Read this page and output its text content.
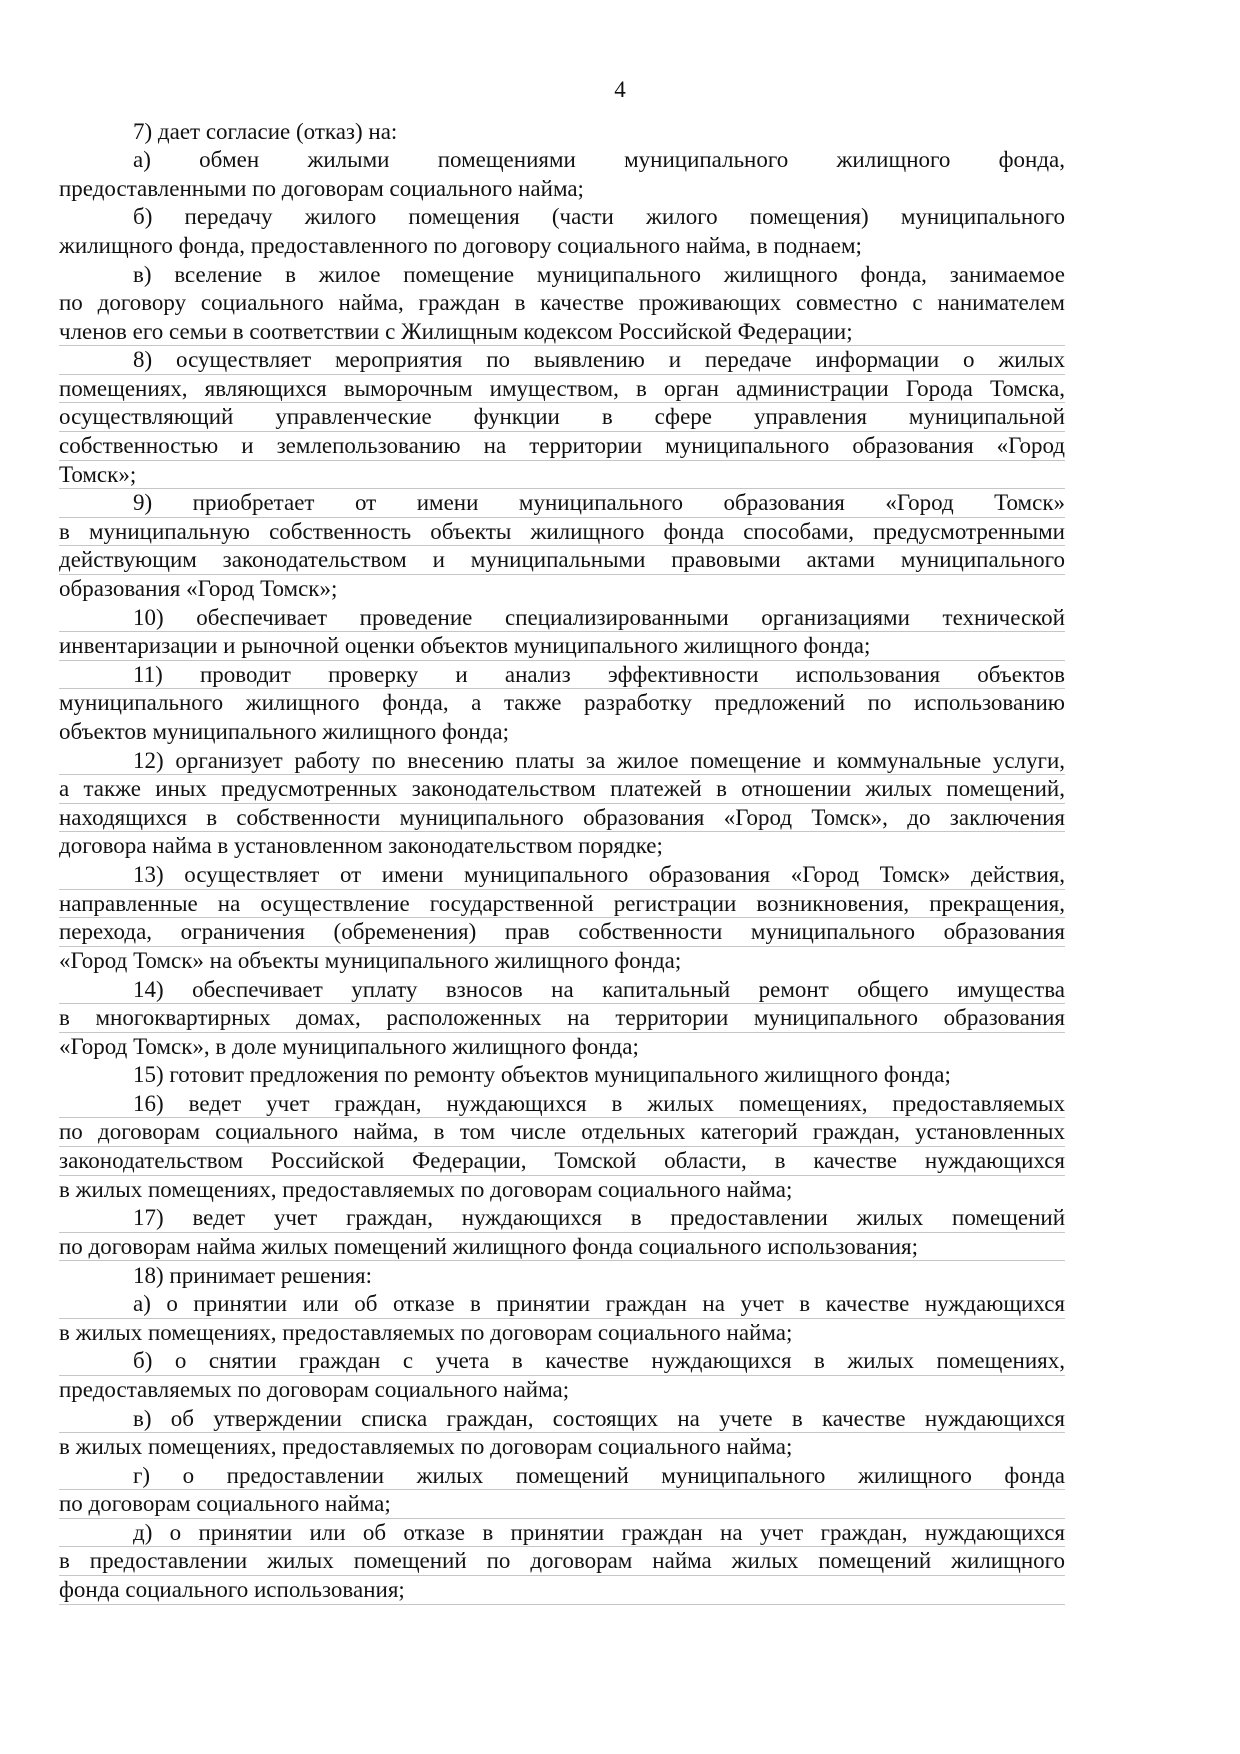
4
7) дает согласие (отказ) на:
а) обмен жилыми помещениями муниципального жилищного фонда,
предоставленными по договорам социального найма;
б) передачу жилого помещения (части жилого помещения) муниципального
жилищного фонда, предоставленного по договору социального найма, в поднаем;
в) вселение в жилое помещение муниципального жилищного фонда, занимаемое
по договору социального найма, граждан в качестве проживающих совместно с нанимателем
членов его семьи в соответствии с Жилищным кодексом Российской Федерации;
8) осуществляет мероприятия по выявлению и передаче информации о жилых
помещениях, являющихся выморочным имуществом, в орган администрации Города Томска,
осуществляющий управленческие функции в сфере управления муниципальной
собственностью и землепользованию на территории муниципального образования «Город
Томск»;
9) приобретает от имени муниципального образования «Город Томск»
в муниципальную собственность объекты жилищного фонда способами, предусмотренными
действующим законодательством и муниципальными правовыми актами муниципального
образования «Город Томск»;
10) обеспечивает проведение специализированными организациями технической
инвентаризации и рыночной оценки объектов муниципального жилищного фонда;
11) проводит проверку и анализ эффективности использования объектов
муниципального жилищного фонда, а также разработку предложений по использованию
объектов муниципального жилищного фонда;
12) организует работу по внесению платы за жилое помещение и коммунальные услуги,
а также иных предусмотренных законодательством платежей в отношении жилых помещений,
находящихся в собственности муниципального образования «Город Томск», до заключения
договора найма в установленном законодательством порядке;
13) осуществляет от имени муниципального образования «Город Томск» действия,
направленные на осуществление государственной регистрации возникновения, прекращения,
перехода, ограничения (обременения) прав собственности муниципального образования
«Город Томск» на объекты муниципального жилищного фонда;
14) обеспечивает уплату взносов на капитальный ремонт общего имущества
в многоквартирных домах, расположенных на территории муниципального образования
«Город Томск», в доле муниципального жилищного фонда;
15) готовит предложения по ремонту объектов муниципального жилищного фонда;
16) ведет учет граждан, нуждающихся в жилых помещениях, предоставляемых
по договорам социального найма, в том числе отдельных категорий граждан, установленных
законодательством Российской Федерации, Томской области, в качестве нуждающихся
в жилых помещениях, предоставляемых по договорам социального найма;
17) ведет учет граждан, нуждающихся в предоставлении жилых помещений
по договорам найма жилых помещений жилищного фонда социального использования;
18) принимает решения:
а) о принятии или об отказе в принятии граждан на учет в качестве нуждающихся
в жилых помещениях, предоставляемых по договорам социального найма;
б) о снятии граждан с учета в качестве нуждающихся в жилых помещениях,
предоставляемых по договорам социального найма;
в) об утверждении списка граждан, состоящих на учете в качестве нуждающихся
в жилых помещениях, предоставляемых по договорам социального найма;
г) о предоставлении жилых помещений муниципального жилищного фонда
по договорам социального найма;
д) о принятии или об отказе в принятии граждан на учет граждан, нуждающихся
в предоставлении жилых помещений по договорам найма жилых помещений жилищного
фонда социального использования;
